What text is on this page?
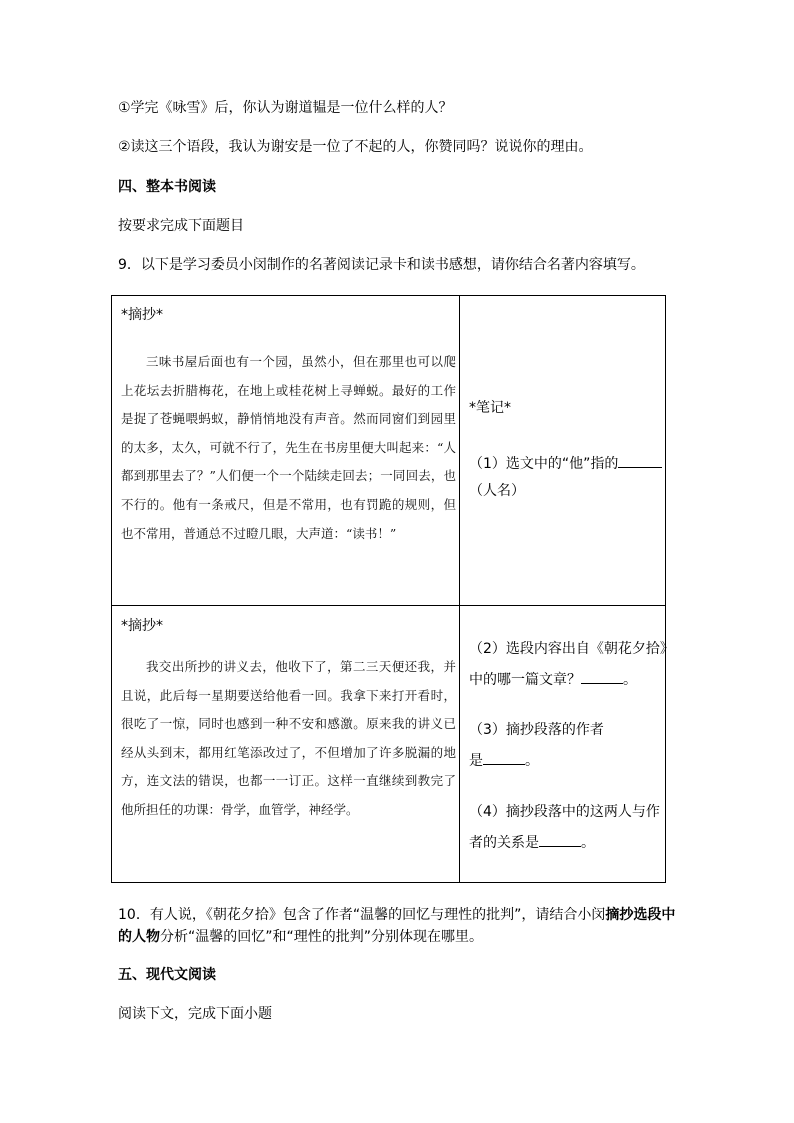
①学完《咏雪》后，你认为谢道韫是一位什么样的人？
②读这三个语段，我认为谢安是一位了不起的人，你赞同吗？说说你的理由。
四、整本书阅读
按要求完成下面题目
9．以下是学习委员小闵制作的名著阅读记录卡和读书感想，请你结合名著内容填写。
*摘抄*

三味书屋后面也有一个园，虽然小，但在那里也可以爬上花坛去折腊梅花，在地上或桂花树上寻蝉蜕。最好的工作是捉了苍蝇喂蚂蚁，静悄悄地没有声音。然而同窗们到园里的太多，太久，可就不行了，先生在书房里便大叫起来：“人都到那里去了？”人们便一个一个陆续走回去；一同回去，也不行的。他有一条戒尺，但是不常用，也有罚跪的规则，但也不常用，普通总不过瞪几眼，大声道：“读书！”

*笔记*
（1）选文中的“他”指的
（人名）
*摘抄*

我交出所抄的讲义去，他收下了，第二三天便还我，并且说，此后每一星期要送给他看一回。我拿下来打开看时，很吃了一惊，同时也感到一种不安和感激。原来我的讲义已经从头到末，都用红笔添改过了，不但增加了许多脱漏的地方，连文法的错误，也都一一订正。这样一直继续到教完了他所担任的功课：骨学，血管学，神经学。

（2）选段内容出自《朝花夕拾》
中的哪一篇文章？	。
（3）摘抄段落的作者
是	。
（4）摘抄段落中的这两人与作
者的关系是	。
10．有人说，《朝花夕拾》包含了作者“温馨的回忆与理性的批判”，请结合小闵摘抄选段中
的人物分析“温馨的回忆”和“理性的批判”分别体现在哪里。
五、现代文阅读
阅读下文，完成下面小题
